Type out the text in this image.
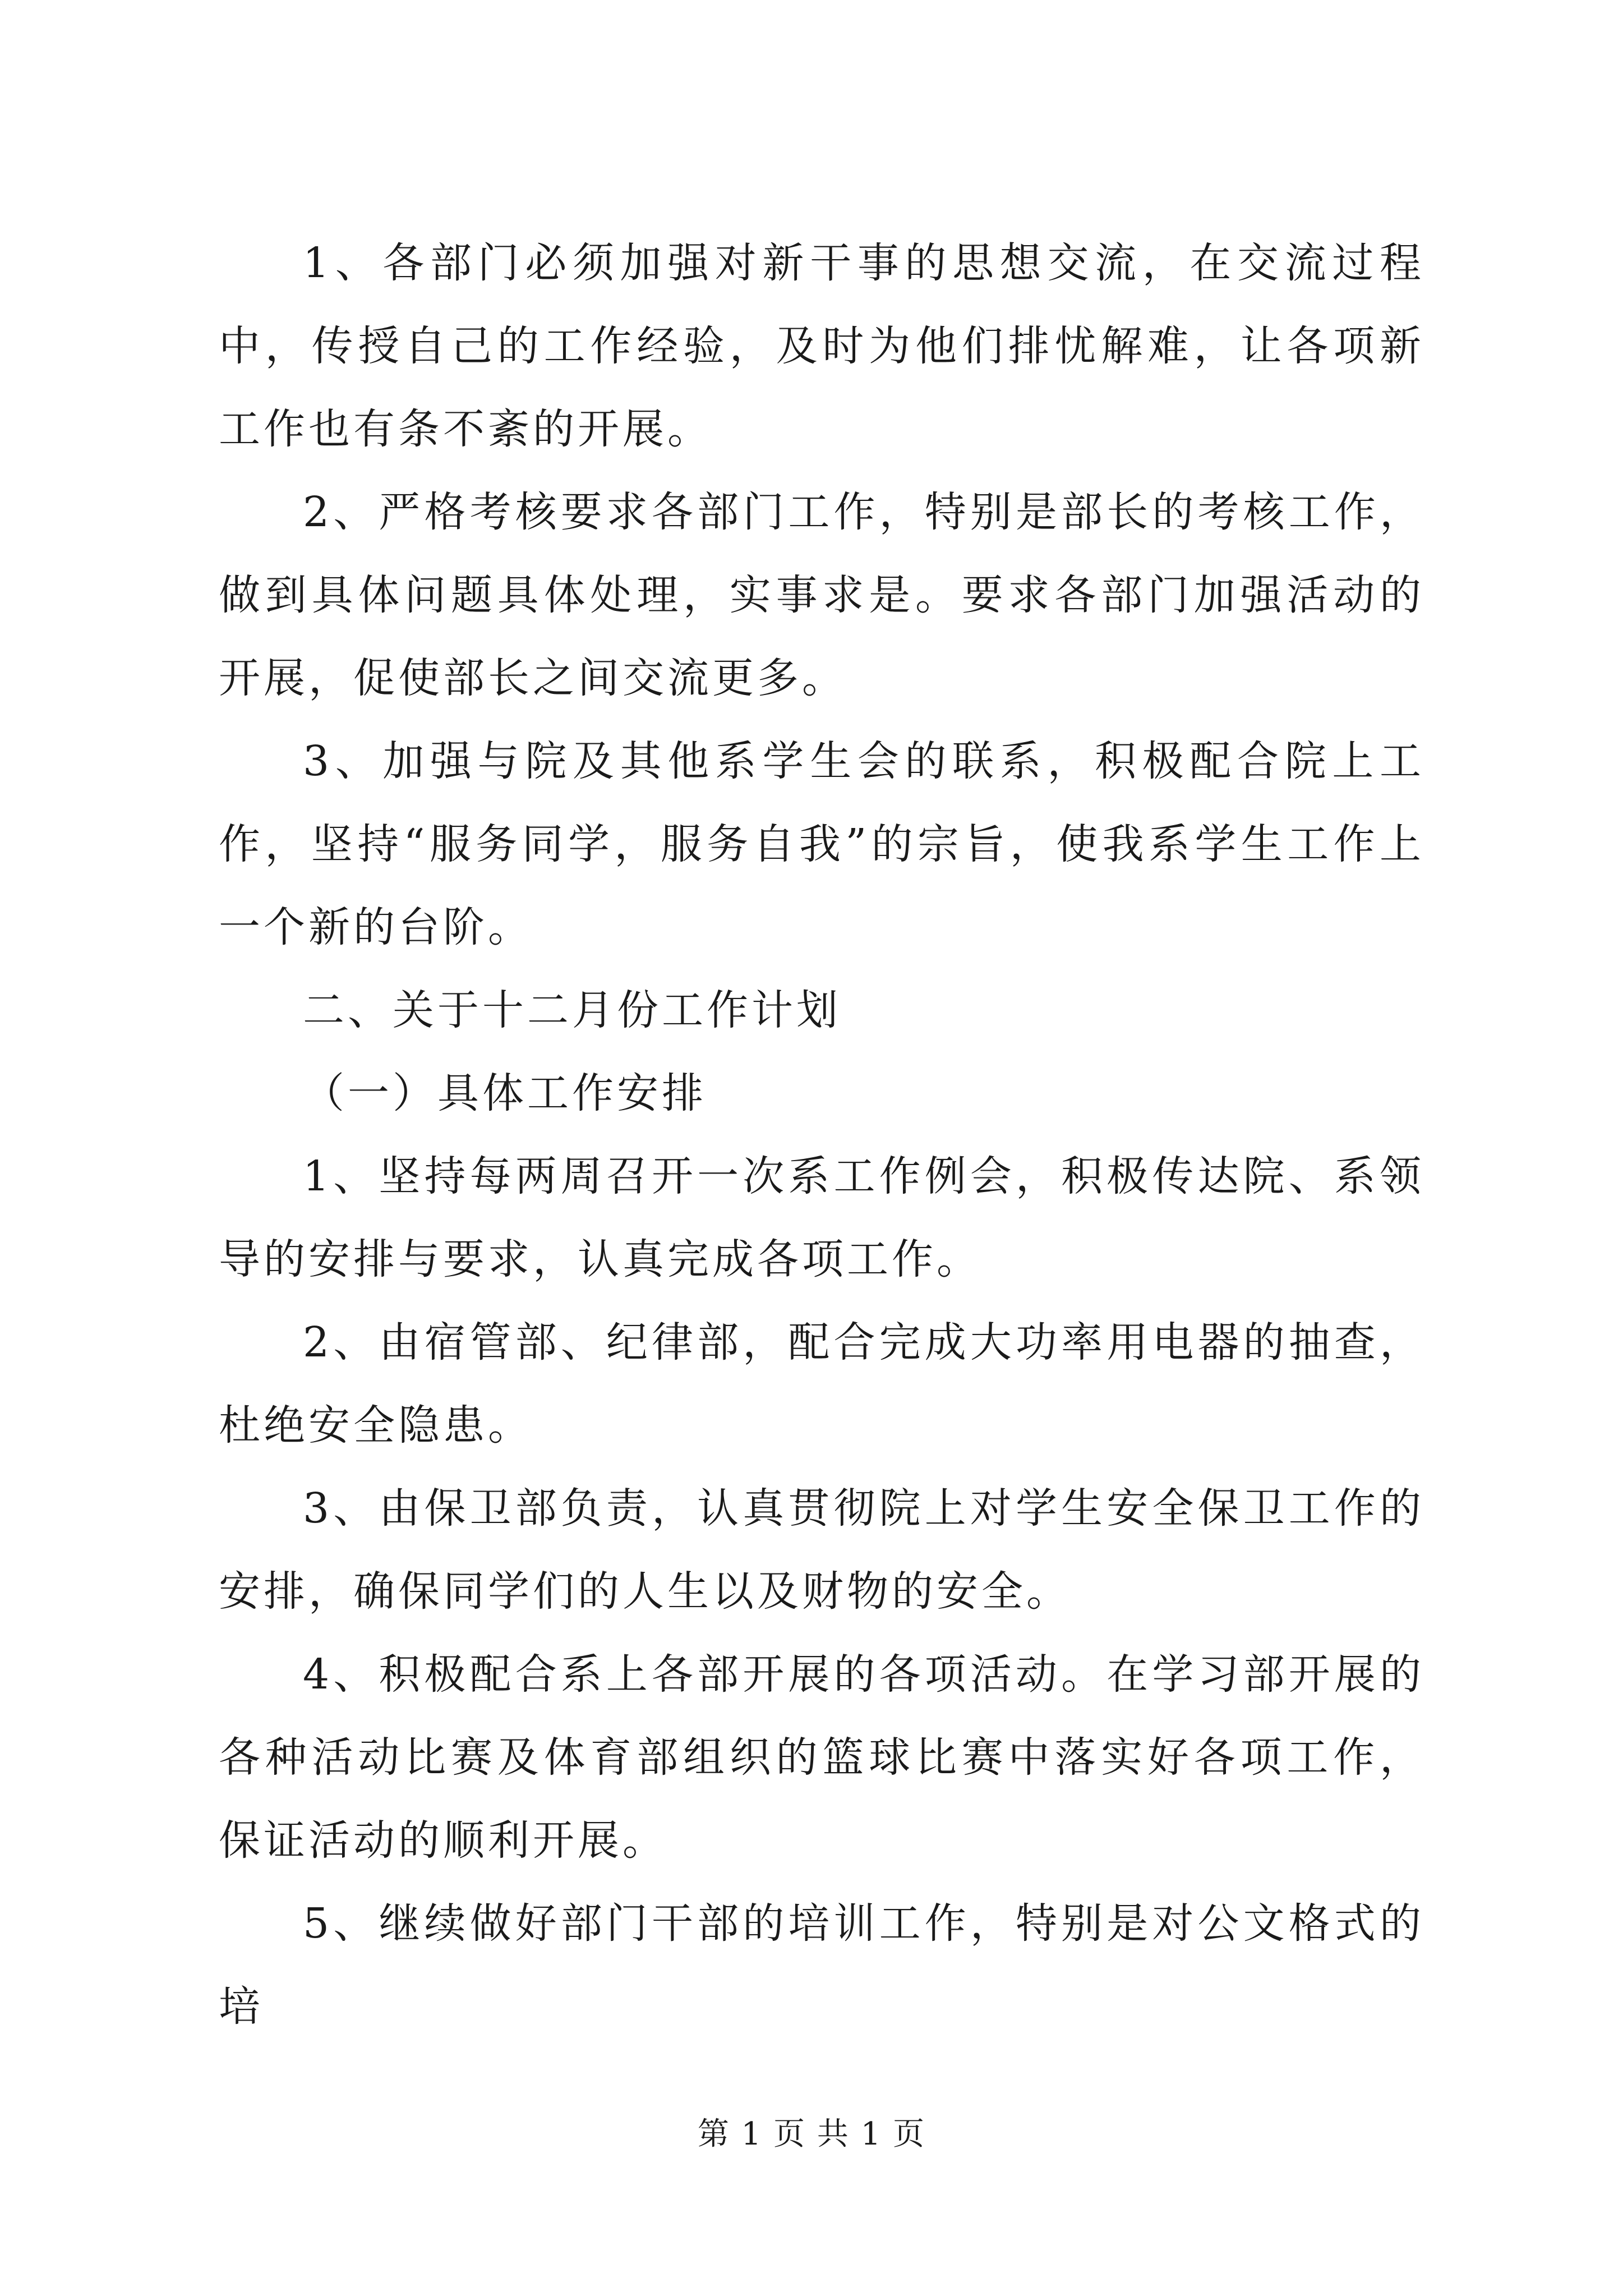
1、各部门必须加强对新干事的思想交流，在交流过程中，传授自己的工作经验，及时为他们排忧解难，让各项新工作也有条不紊的开展。

2、严格考核要求各部门工作，特别是部长的考核工作，做到具体问题具体处理，实事求是。要求各部门加强活动的开展，促使部长之间交流更多。

3、加强与院及其他系学生会的联系，积极配合院上工作，坚持“服务同学，服务自我”的宗旨，使我系学生工作上一个新的台阶。

二、关于十二月份工作计划

（一）具体工作安排

1、坚持每两周召开一次系工作例会，积极传达院、系领导的安排与要求，认真完成各项工作。

2、由宿管部、纪律部，配合完成大功率用电器的抽查，杜绝安全隐患。

3、由保卫部负责，认真贯彻院上对学生安全保卫工作的安排，确保同学们的人生以及财物的安全。

4、积极配合系上各部开展的各项活动。在学习部开展的各种活动比赛及体育部组织的篮球比赛中落实好各项工作，保证活动的顺利开展。

5、继续做好部门干部的培训工作，特别是对公文格式的培

第 1 页 共 1 页
